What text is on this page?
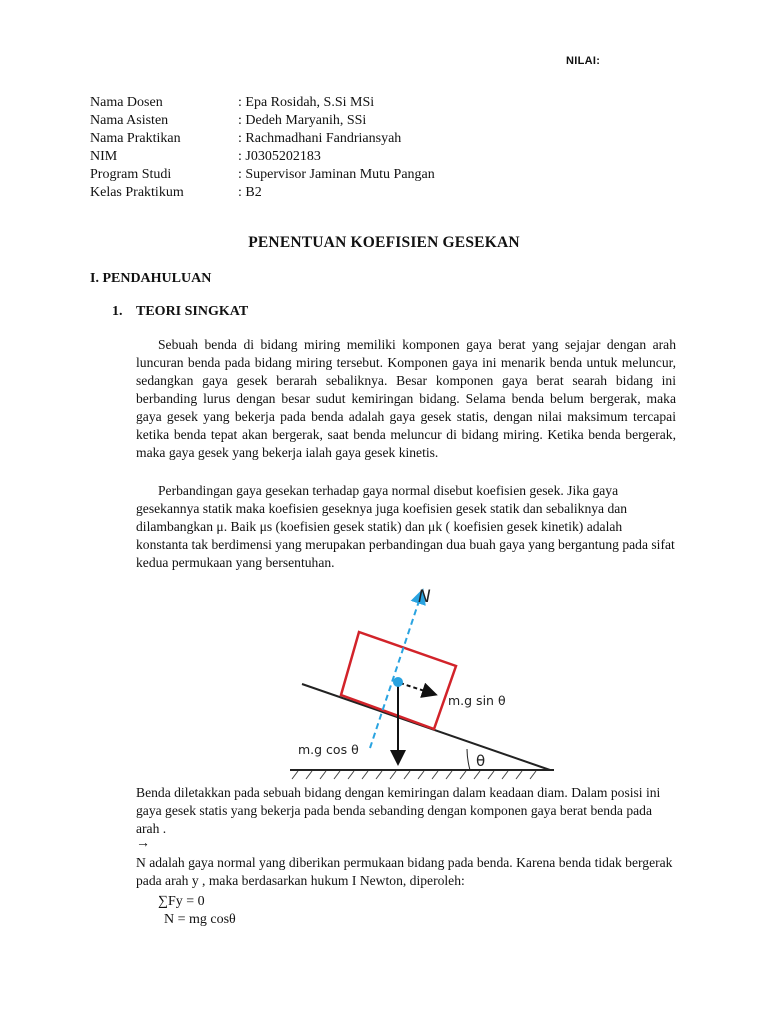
NILAI:
Nama Dosen	: Epa Rosidah, S.Si MSi
Nama Asisten	: Dedeh Maryanih, SSi
Nama Praktikan	: Rachmadhani Fandriansyah
NIM	: J0305202183
Program Studi	: Supervisor Jaminan Mutu Pangan
Kelas Praktikum	: B2
PENENTUAN KOEFISIEN GESEKAN
I. PENDAHULUAN
1. TEORI SINGKAT

Sebuah benda di bidang miring memiliki komponen gaya berat yang sejajar dengan arah luncuran benda pada bidang miring tersebut. Komponen gaya ini menarik benda untuk meluncur, sedangkan gaya gesek berarah sebaliknya. Besar komponen gaya berat searah bidang ini berbanding lurus dengan besar sudut kemiringan bidang. Selama benda belum bergerak, maka gaya gesek yang bekerja pada benda adalah gaya gesek statis, dengan nilai maksimum tercapai ketika benda tepat akan bergerak, saat benda meluncur di bidang miring. Ketika benda bergerak, maka gaya gesek yang bekerja ialah gaya gesek kinetis.

Perbandingan gaya gesekan terhadap gaya normal disebut koefisien gesek. Jika gaya gesekannya statik maka koefisien geseknya juga koefisien gesek statik dan sebaliknya dan dilambangkan μ. Baik μs (koefisien gesek statik) dan μk ( koefisien gesek kinetik) adalah konstanta tak berdimensi yang merupakan perbandingan dua buah gaya yang bergantung pada sifat kedua permukaan yang bersentuhan.

θ
N
m.g sin θ
m.g cos θ

Benda diletakkan pada sebuah bidang dengan kemiringan dalam keadaan diam. Dalam posisi ini gaya gesek statis yang bekerja pada benda sebanding dengan komponen gaya berat benda pada arah .

→

N adalah gaya normal yang diberikan permukaan bidang pada benda. Karena benda tidak bergerak pada arah y , maka berdasarkan hukum I Newton, diperoleh:

∑Fy = 0
N = mg cosθ
